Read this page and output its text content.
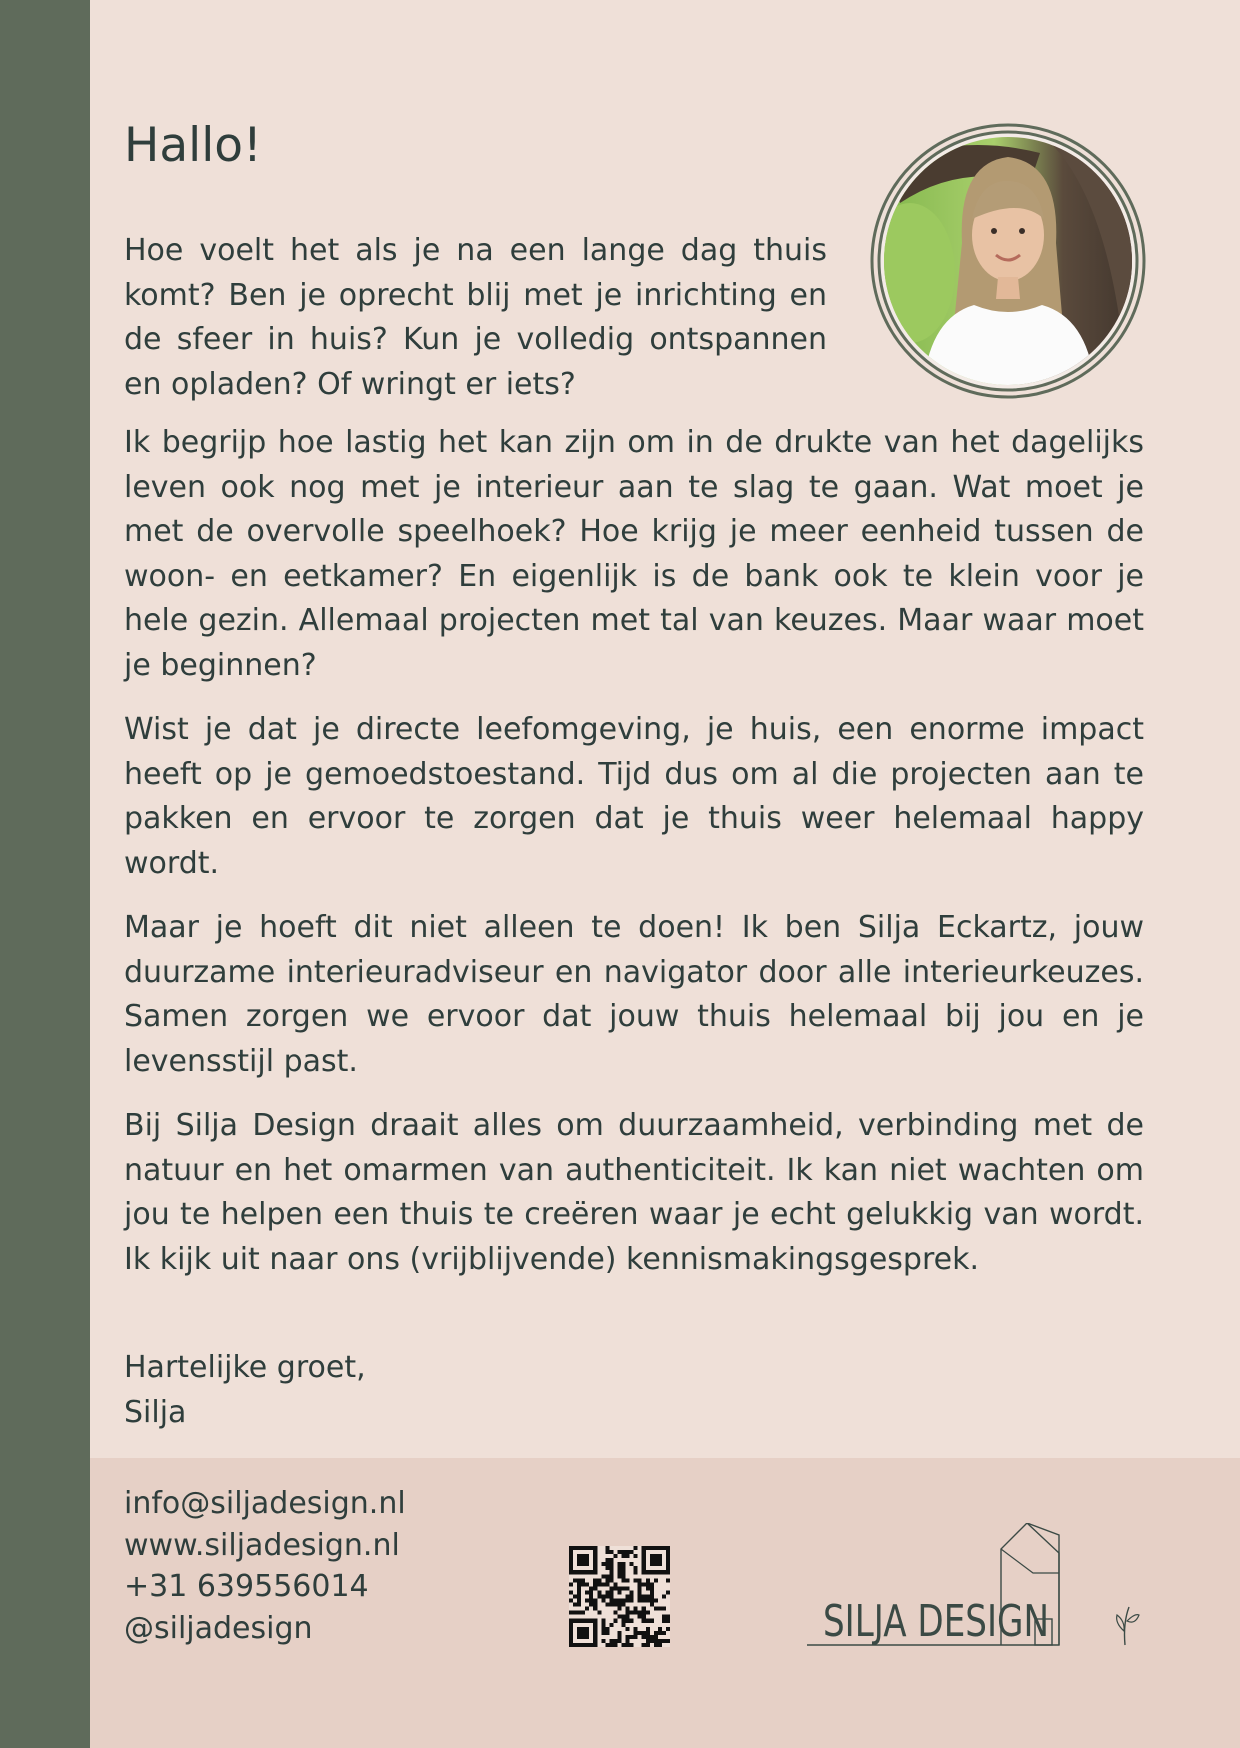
Hallo!

Hoe voelt het als je na een lange dag thuis komt? Ben je oprecht blij met je inrichting en de sfeer in huis? Kun je volledig ontspannen en opladen? Of wringt er iets?

Ik begrijp hoe lastig het kan zijn om in de drukte van het dagelijks leven ook nog met je interieur aan te slag te gaan. Wat moet je met de overvolle speelhoek? Hoe krijg je meer eenheid tussen de woon- en eetkamer? En eigenlijk is de bank ook te klein voor je hele gezin. Allemaal projecten met tal van keuzes. Maar waar moet je beginnen?

Wist je dat je directe leefomgeving, je huis, een enorme impact heeft op je gemoedstoestand. Tijd dus om al die projecten aan te pakken en ervoor te zorgen dat je thuis weer helemaal happy wordt.

Maar je hoeft dit niet alleen te doen! Ik ben Silja Eckartz, jouw duurzame interieuradviseur en navigator door alle interieurkeuzes. Samen zorgen we ervoor dat jouw thuis helemaal bij jou en je levensstijl past.

Bij Silja Design draait alles om duurzaamheid, verbinding met de natuur en het omarmen van authenticiteit. Ik kan niet wachten om jou te helpen een thuis te creëren waar je echt gelukkig van wordt. Ik kijk uit naar ons (vrijblijvende) kennismakingsgesprek.

Hartelijke groet,
Silja
info@siljadesign.nl
www.siljadesign.nl
+31 639556014
@siljadesign	SILJA DESIGN
